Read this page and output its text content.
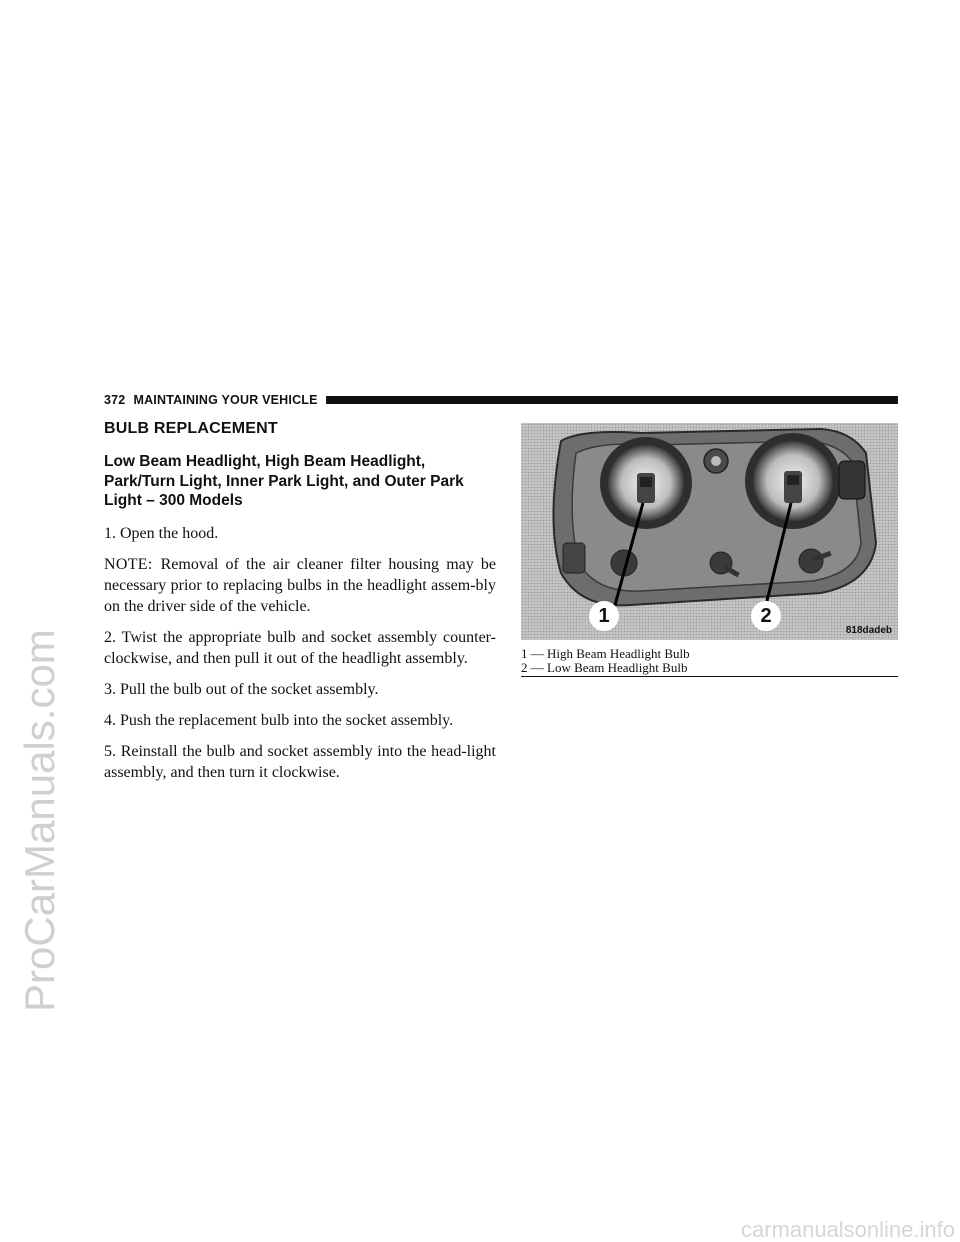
ProCarManuals.com
372 MAINTAINING YOUR VEHICLE
BULB REPLACEMENT
Low Beam Headlight, High Beam Headlight, Park/Turn Light, Inner Park Light, and Outer Park Light – 300 Models

1. Open the hood.

NOTE: Removal of the air cleaner filter housing may be necessary prior to replacing bulbs in the headlight assem-bly on the driver side of the vehicle.

2. Twist the appropriate bulb and socket assembly counter-clockwise, and then pull it out of the headlight assembly.

3. Pull the bulb out of the socket assembly.

4. Push the replacement bulb into the socket assembly.

5. Reinstall the bulb and socket assembly into the head-light assembly, and then turn it clockwise.

1	2
818dadeb
1 — High Beam Headlight Bulb
2 — Low Beam Headlight Bulb
carmanualsonline.info
